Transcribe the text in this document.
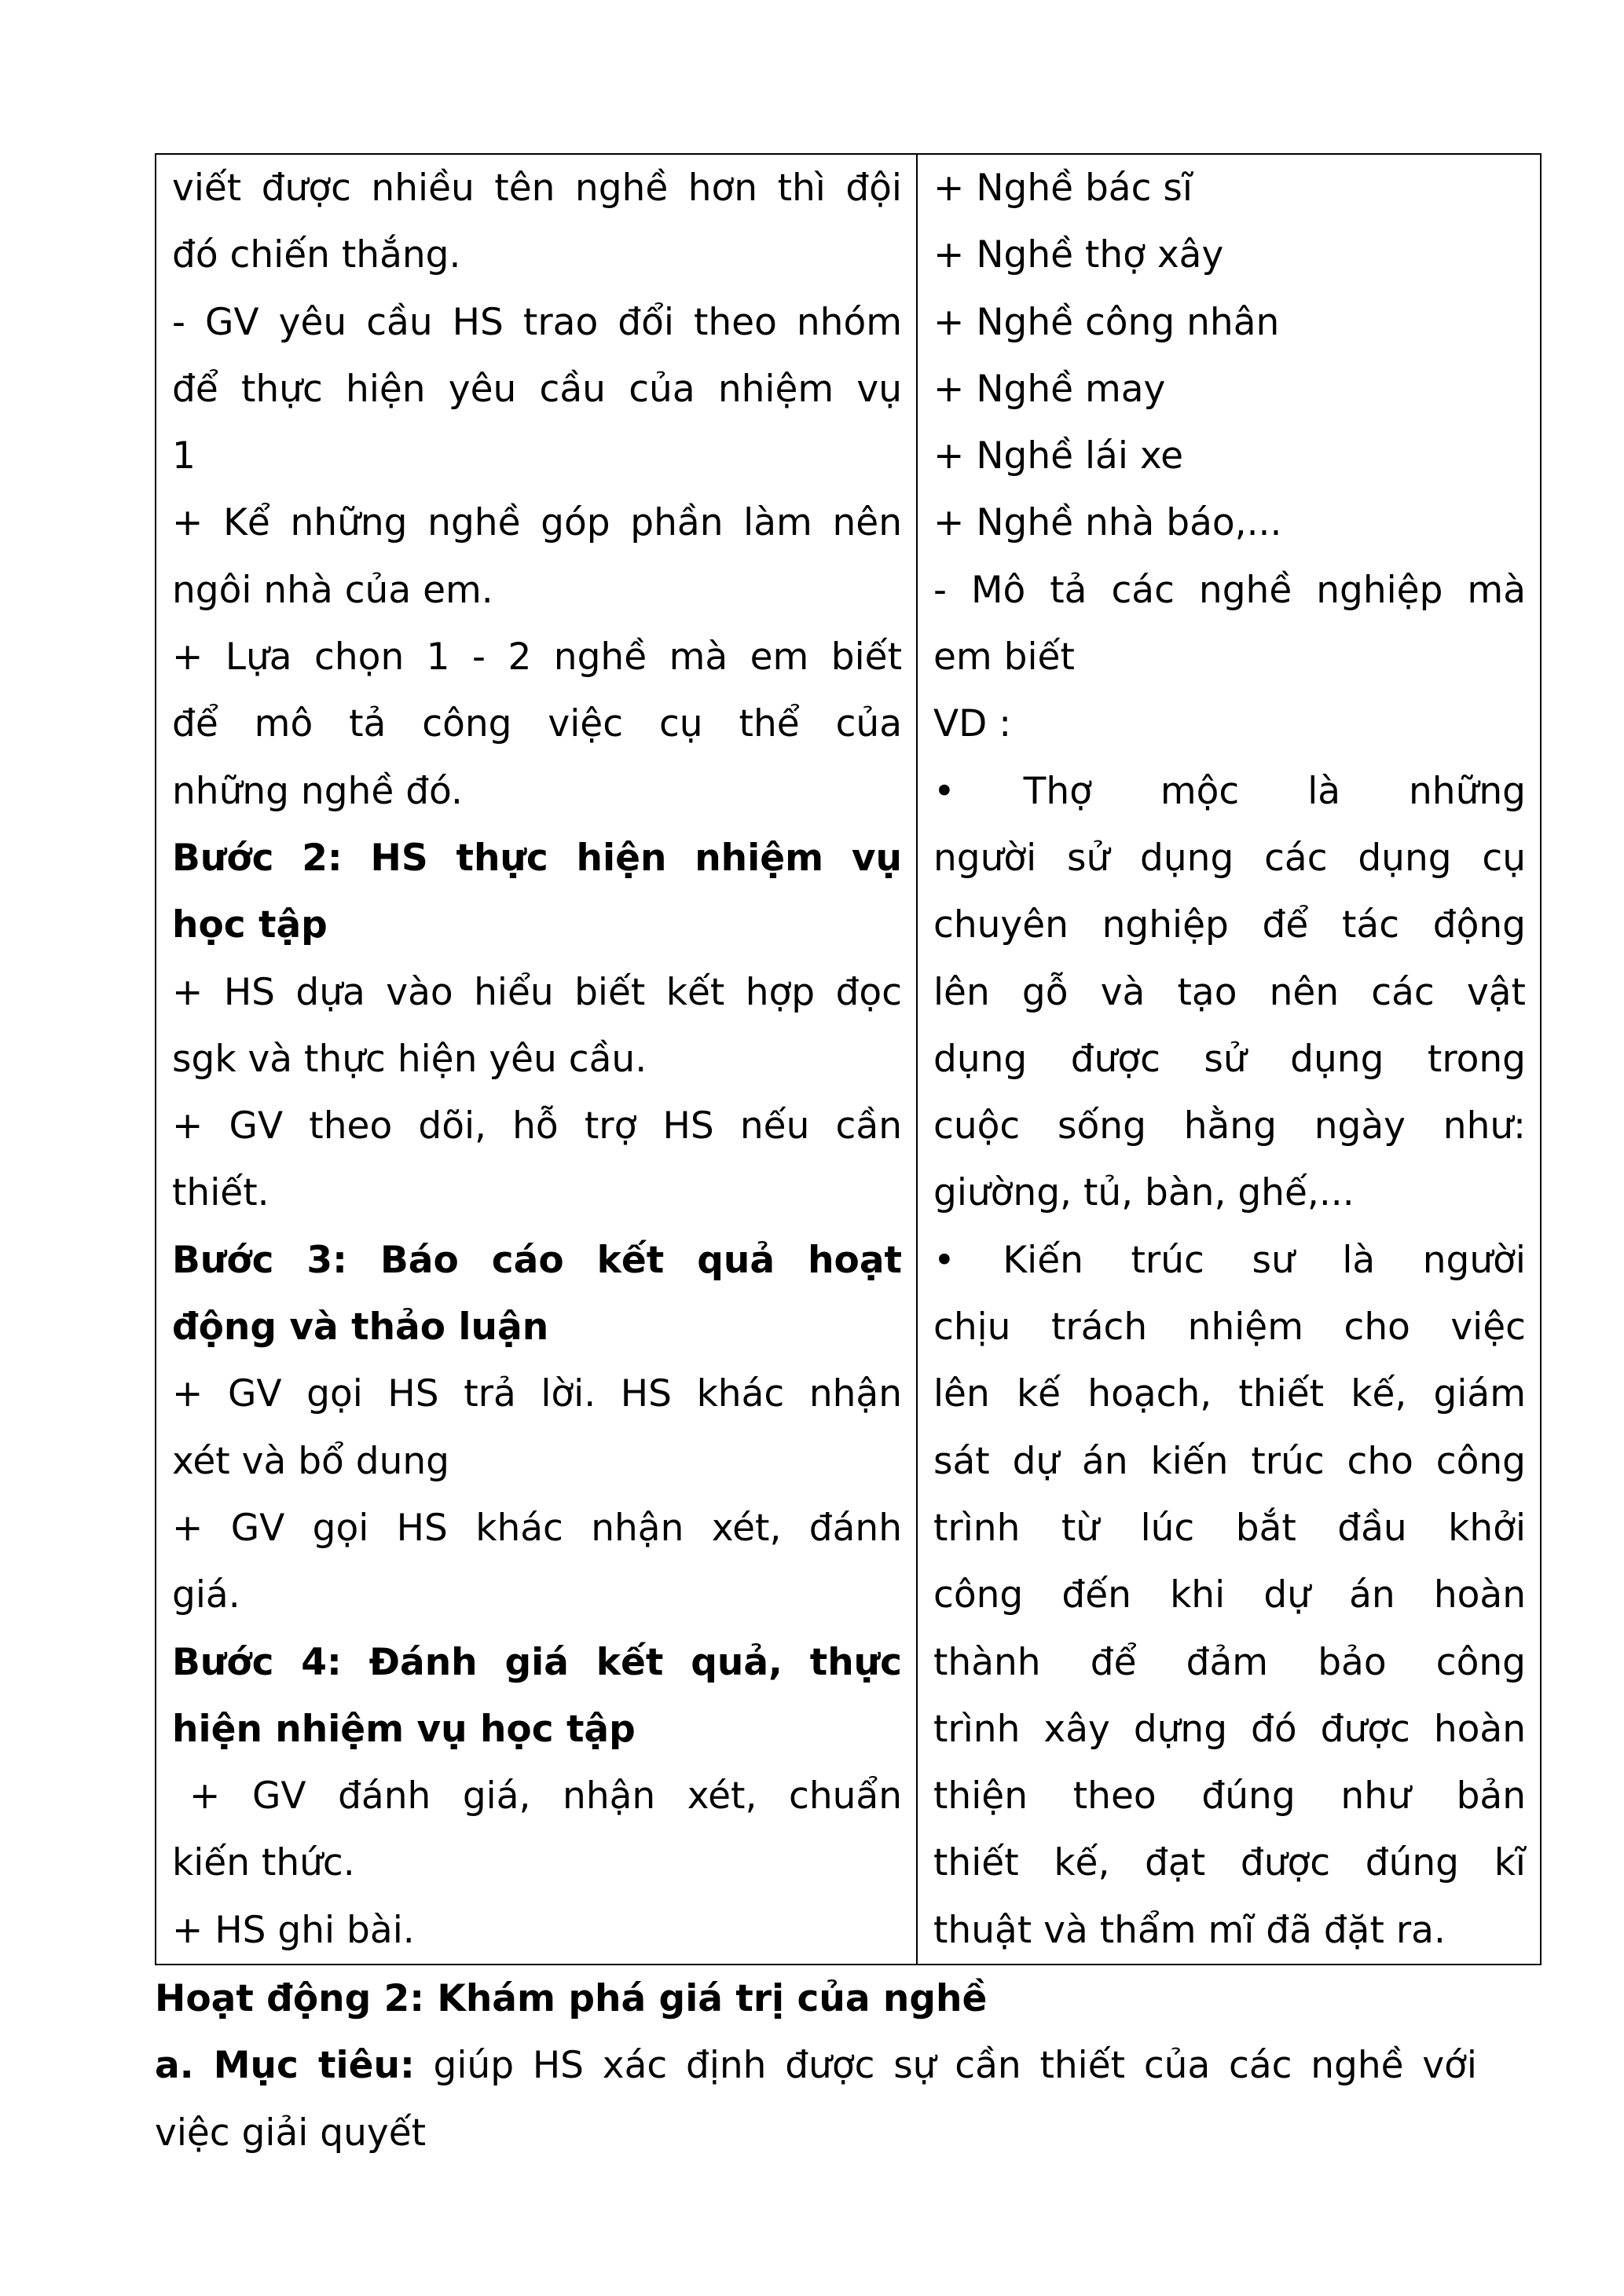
viết được nhiều tên nghề hơn thì đội
đó chiến thắng.
- GV yêu cầu HS trao đổi theo nhóm
để thực hiện yêu cầu của nhiệm vụ
1
+ Kể những nghề góp phần làm nên
ngôi nhà của em.
+ Lựa chọn 1 - 2 nghề mà em biết
để mô tả công việc cụ thể của
những nghề đó.
Bước 2: HS thực hiện nhiệm vụ
học tập
+ HS dựa vào hiểu biết kết hợp đọc
sgk và thực hiện yêu cầu.
+ GV theo dõi, hỗ trợ HS nếu cần
thiết.
Bước 3: Báo cáo kết quả hoạt
động và thảo luận
+ GV gọi HS trả lời. HS khác nhận
xét và bổ dung
+ GV gọi HS khác nhận xét, đánh
giá.
Bước 4: Đánh giá kết quả, thực
hiện nhiệm vụ học tập
+ GV đánh giá, nhận xét, chuẩn
kiến thức.
+ HS ghi bài.

+ Nghề bác sĩ
+ Nghề thợ xây
+ Nghề công nhân
+ Nghề may
+ Nghề lái xe
+ Nghề nhà báo,...
- Mô tả các nghề nghiệp mà
em biết
VD :
• Thợ mộc là những
người sử dụng các dụng cụ
chuyên nghiệp để tác động
lên gỗ và tạo nên các vật
dụng được sử dụng trong
cuộc sống hằng ngày như:
giường, tủ, bàn, ghế,...
• Kiến trúc sư là người
chịu trách nhiệm cho việc
lên kế hoạch, thiết kế, giám
sát dự án kiến trúc cho công
trình từ lúc bắt đầu khởi
công đến khi dự án hoàn
thành để đảm bảo công
trình xây dựng đó được hoàn
thiện theo đúng như bản
thiết kế, đạt được đúng kĩ
thuật và thẩm mĩ đã đặt ra.
Hoạt động 2: Khám phá giá trị của nghề
a. Mục tiêu: giúp HS xác định được sự cần thiết của các nghề với
việc giải quyết
